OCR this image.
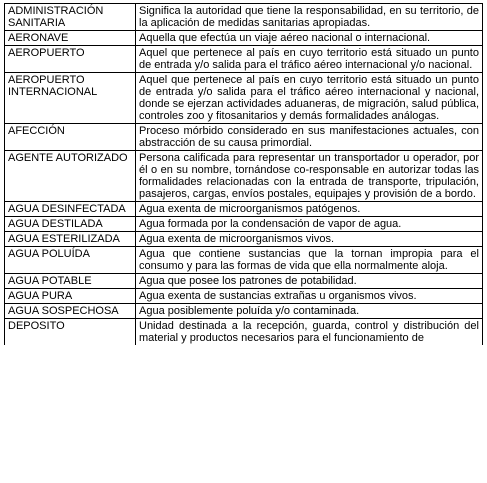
ADMINISTRACIÓN SANITARIA	Significa la autoridad que tiene la responsabilidad, en su territorio, de la aplicación de medidas sanitarias apropiadas.
AERONAVE	Aquella que efectúa un viaje aéreo nacional o internacional.
AEROPUERTO	Aquel que pertenece al país en cuyo territorio está situado un punto de entrada y/o salida para el tráfico aéreo internacional y/o nacional.
AEROPUERTO INTERNACIONAL	Aquel que pertenece al país en cuyo territorio está situado un punto de entrada y/o salida para el tráfico aéreo internacional y nacional, donde se ejerzan actividades aduaneras, de migración, salud pública, controles zoo y fitosanitarios y demás formalidades análogas.
AFECCIÓN	Proceso mórbido considerado en sus manifestaciones actuales, con abstracción de su causa primordial.
AGENTE AUTORIZADO	Persona calificada para representar un transportador u operador, por él o en su nombre, tornándose co-responsable en autorizar todas las formalidades relacionadas con la entrada de transporte, tripulación, pasajeros, cargas, envíos postales, equipajes y provisión de a bordo.
AGUA DESINFECTADA	Agua exenta de microorganismos patógenos.
AGUA DESTILADA	Agua formada por la condensación de vapor de agua.
AGUA ESTERILIZADA	Agua exenta de microorganismos vivos.
AGUA POLUÍDA	Agua que contiene sustancias que la tornan impropia para el consumo y para las formas de vida que ella normalmente aloja.
AGUA POTABLE	Agua que posee los patrones de potabilidad.
AGUA PURA	Agua exenta de sustancias extrañas u organismos vivos.
AGUA SOSPECHOSA	Agua posiblemente poluída y/o contaminada.

DEPOSITO	Unidad destinada a la recepción, guarda, control y distribución del material y productos necesarios para el funcionamiento de
